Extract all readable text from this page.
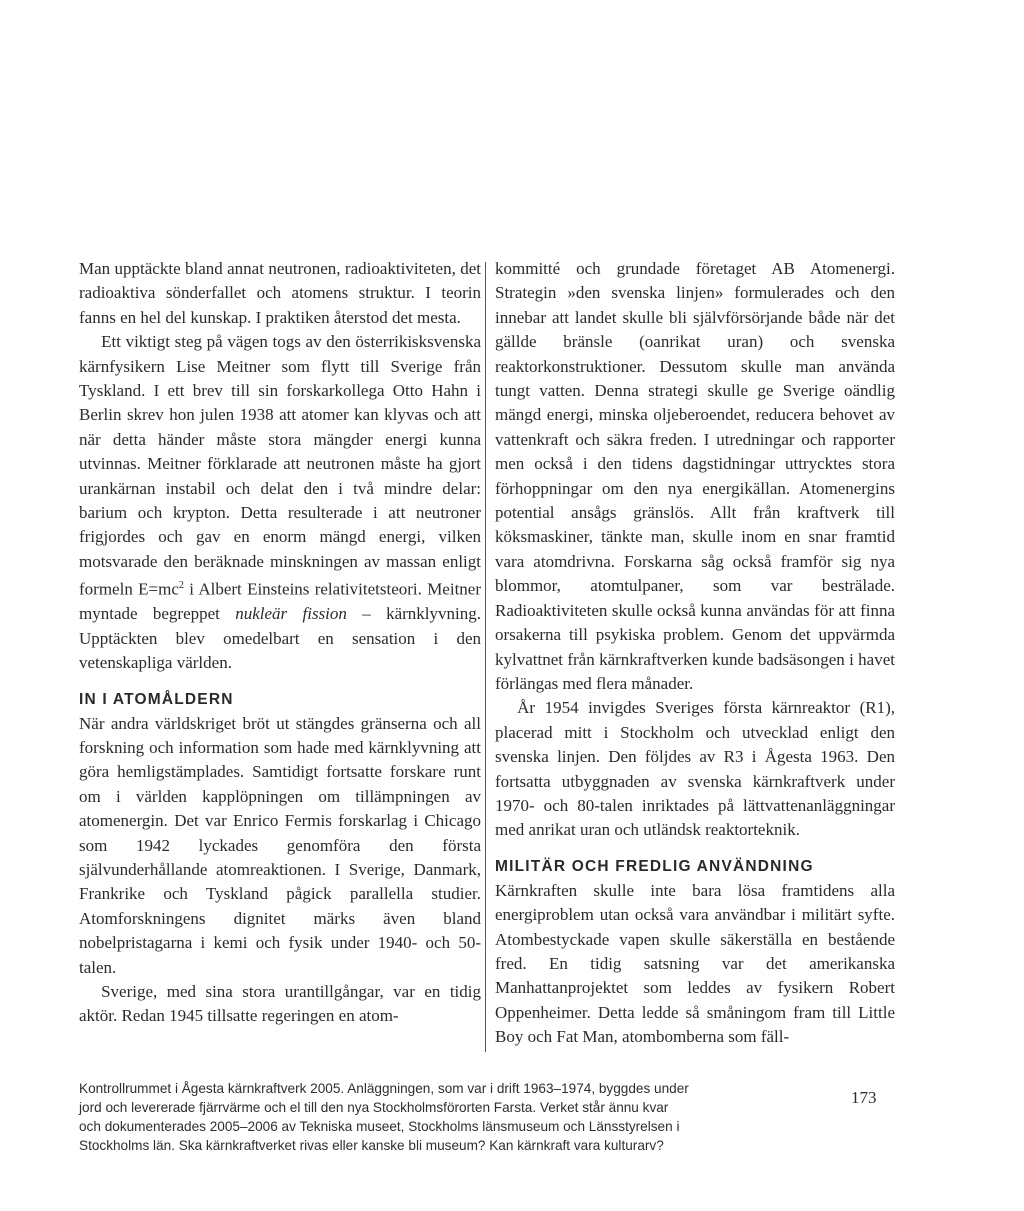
Man upptäckte bland annat neutronen, radioaktiviteten, det radioaktiva sönderfallet och atomens struktur. I teorin fanns en hel del kunskap. I praktiken återstod det mesta.

Ett viktigt steg på vägen togs av den österrikisksvenska kärnfysikern Lise Meitner som flytt till Sverige från Tyskland. I ett brev till sin forskarkollega Otto Hahn i Berlin skrev hon julen 1938 att atomer kan klyvas och att när detta händer måste stora mängder energi kunna utvinnas. Meitner förklarade att neutronen måste ha gjort urankärnan instabil och delat den i två mindre delar: barium och krypton. Detta resulterade i att neutroner frigjordes och gav en enorm mängd energi, vilken motsvarade den beräknade minskningen av massan enligt formeln $E=mc^2$ i Albert Einsteins relativitetsteori. Meitner myntade begreppet nukleär fission – kärnklyvning. Upptäckten blev omedelbart en sensation i den vetenskapliga världen.

IN I ATOMÅLDERN

När andra världskriget bröt ut stängdes gränserna och all forskning och information som hade med kärnklyvning att göra hemligstämplades. Samtidigt fortsatte forskare runt om i världen kapplöpningen om tillämpningen av atomenergin. Det var Enrico Fermis forskarlag i Chicago som 1942 lyckades genomföra den första självunderhållande atomreaktionen. I Sverige, Danmark, Frankrike och Tyskland pågick parallella studier. Atomforskningens dignitet märks även bland nobelpristagarna i kemi och fysik under 1940- och 50-talen.

Sverige, med sina stora urantillgångar, var en tidig aktör. Redan 1945 tillsatte regeringen en atom-

kommitté och grundade företaget AB Atomenergi. Strategin »den svenska linjen» formulerades och den innebar att landet skulle bli självförsörjande både när det gällde bränsle (oanrikat uran) och svenska reaktorkonstruktioner. Dessutom skulle man använda tungt vatten. Denna strategi skulle ge Sverige oändlig mängd energi, minska oljeberoendet, reducera behovet av vattenkraft och säkra freden. I utredningar och rapporter men också i den tidens dagstidningar uttrycktes stora förhoppningar om den nya energikällan. Atomenergins potential ansågs gränslös. Allt från kraftverk till köksmaskiner, tänkte man, skulle inom en snar framtid vara atomdrivna. Forskarna såg också framför sig nya blommor, atomtulpaner, som var besträlade. Radioaktiviteten skulle också kunna användas för att finna orsakerna till psykiska problem. Genom det uppvärmda kylvattnet från kärnkraftverken kunde badsäsongen i havet förlängas med flera månader.

År 1954 invigdes Sveriges första kärnreaktor (R1), placerad mitt i Stockholm och utvecklad enligt den svenska linjen. Den följdes av R3 i Ågesta 1963. Den fortsatta utbyggnaden av svenska kärnkraftverk under 1970- och 80-talen inriktades på lättvattenanläggningar med anrikat uran och utländsk reaktorteknik.

MILITÄR OCH FREDLIG ANVÄNDNING

Kärnkraften skulle inte bara lösa framtidens alla energiproblem utan också vara användbar i militärt syfte. Atombestyckade vapen skulle säkerställa en bestående fred. En tidig satsning var det amerikanska Manhattanprojektet som leddes av fysikern Robert Oppenheimer. Detta ledde så småningom fram till Little Boy och Fat Man, atombomberna som fäll-

173
Kontrollrummet i Ågesta kärnkraftverk 2005. Anläggningen, som var i drift 1963–1974, byggdes under
jord och levererade fjärrvärme och el till den nya Stockholmsförorten Farsta. Verket står ännu kvar
och dokumenterades 2005–2006 av Tekniska museet, Stockholms länsmuseum och Länsstyrelsen i
Stockholms län. Ska kärnkraftverket rivas eller kanske bli museum? Kan kärnkraft vara kulturarv?
